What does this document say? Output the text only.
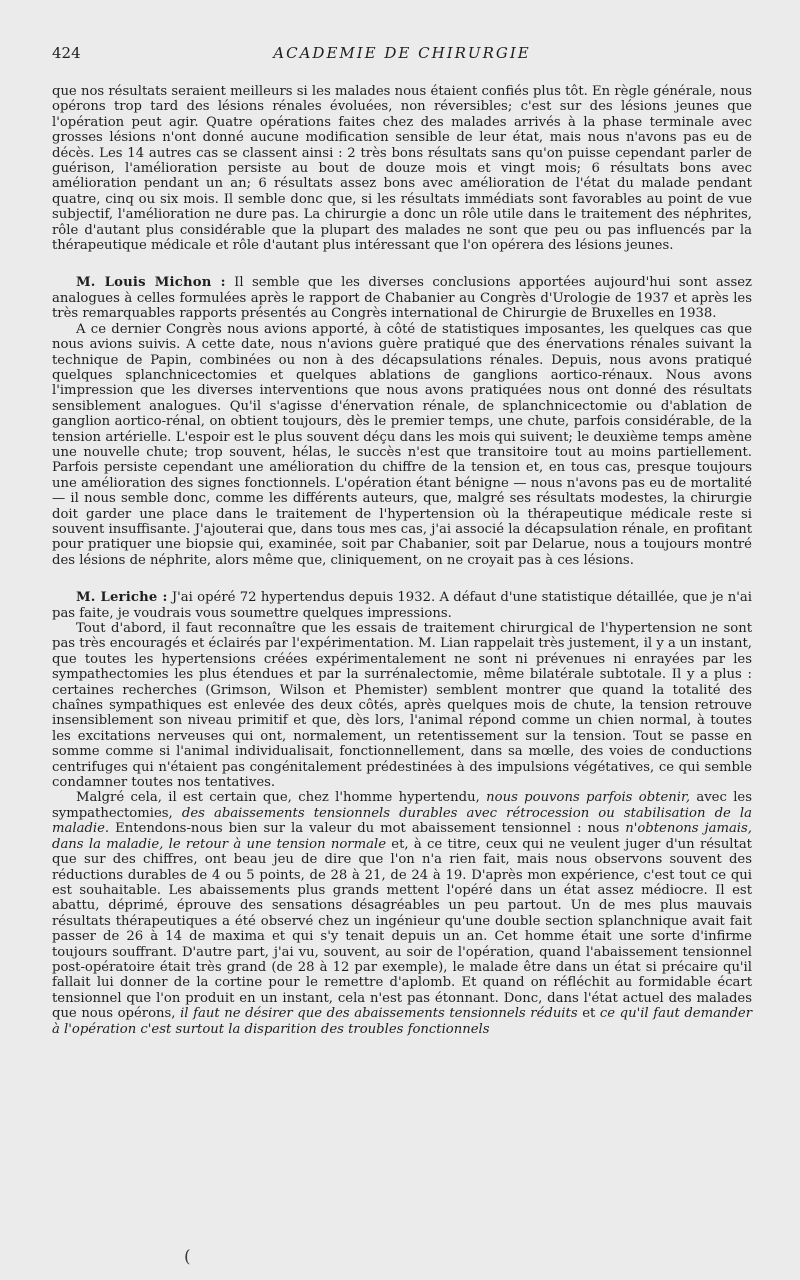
424	ACADEMIE DE CHIRURGIE

que nos résultats seraient meilleurs si les malades nous étaient confiés plus tôt. En règle générale, nous opérons trop tard des lésions rénales évoluées, non réversibles; c'est sur des lésions jeunes que l'opération peut agir. Quatre opérations faites chez des malades arrivés à la phase terminale avec grosses lésions n'ont donné aucune modification sensible de leur état, mais nous n'avons pas eu de décès. Les 14 autres cas se classent ainsi : 2 très bons résultats sans qu'on puisse cependant parler de guérison, l'amélioration persiste au bout de douze mois et vingt mois; 6 résultats bons avec amélioration pendant un an; 6 résultats assez bons avec amélioration de l'état du malade pendant quatre, cinq ou six mois. Il semble donc que, si les résultats immédiats sont favorables au point de vue subjectif, l'amélioration ne dure pas. La chirurgie a donc un rôle utile dans le traitement des néphrites, rôle d'autant plus considérable que la plupart des malades ne sont que peu ou pas influencés par la thérapeutique médicale et rôle d'autant plus intéressant que l'on opérera des lésions jeunes.

M. Louis Michon : Il semble que les diverses conclusions apportées aujourd'hui sont assez analogues à celles formulées après le rapport de Chabanier au Congrès d'Urologie de 1937 et après les très remarquables rapports présentés au Congrès international de Chirurgie de Bruxelles en 1938.

A ce dernier Congrès nous avions apporté, à côté de statistiques imposantes, les quelques cas que nous avions suivis. A cette date, nous n'avions guère pratiqué que des énervations rénales suivant la technique de Papin, combinées ou non à des décapsulations rénales. Depuis, nous avons pratiqué quelques splanchnicectomies et quelques ablations de ganglions aortico-rénaux. Nous avons l'impression que les diverses interventions que nous avons pratiquées nous ont donné des résultats sensiblement analogues. Qu'il s'agisse d'énervation rénale, de splanchnicectomie ou d'ablation de ganglion aortico-rénal, on obtient toujours, dès le premier temps, une chute, parfois considérable, de la tension artérielle. L'espoir est le plus souvent déçu dans les mois qui suivent; le deuxième temps amène une nouvelle chute; trop souvent, hélas, le succès n'est que transitoire tout au moins partiellement. Parfois persiste cependant une amélioration du chiffre de la tension et, en tous cas, presque toujours une amélioration des signes fonctionnels. L'opération étant bénigne — nous n'avons pas eu de mortalité — il nous semble donc, comme les différents auteurs, que, malgré ses résultats modestes, la chirurgie doit garder une place dans le traitement de l'hypertension où la thérapeutique médicale reste si souvent insuffisante. J'ajouterai que, dans tous mes cas, j'ai associé la décapsulation rénale, en profitant pour pratiquer une biopsie qui, examinée, soit par Chabanier, soit par Delarue, nous a toujours montré des lésions de néphrite, alors même que, cliniquement, on ne croyait pas à ces lésions.

M. Leriche : J'ai opéré 72 hypertendus depuis 1932. A défaut d'une statistique détaillée, que je n'ai pas faite, je voudrais vous soumettre quelques impressions.

Tout d'abord, il faut reconnaître que les essais de traitement chirurgical de l'hypertension ne sont pas très encouragés et éclairés par l'expérimentation. M. Lian rappelait très justement, il y a un instant, que toutes les hypertensions créées expérimentalement ne sont ni prévenues ni enrayées par les sympathectomies les plus étendues et par la surrénalectomie, même bilatérale subtotale. Il y a plus : certaines recherches (Grimson, Wilson et Phemister) semblent montrer que quand la totalité des chaînes sympathiques est enlevée des deux côtés, après quelques mois de chute, la tension retrouve insensiblement son niveau primitif et que, dès lors, l'animal répond comme un chien normal, à toutes les excitations nerveuses qui ont, normalement, un retentissement sur la tension. Tout se passe en somme comme si l'animal individualisait, fonctionnellement, dans sa mœlle, des voies de conductions centrifuges qui n'étaient pas congénitalement prédestinées à des impulsions végétatives, ce qui semble condamner toutes nos tentatives.

Malgré cela, il est certain que, chez l'homme hypertendu, nous pouvons parfois obtenir, avec les sympathectomies, des abaissements tensionnels durables avec rétrocession ou stabilisation de la maladie. Entendons-nous bien sur la valeur du mot abaissement tensionnel : nous n'obtenons jamais, dans la maladie, le retour à une tension normale et, à ce titre, ceux qui ne veulent juger d'un résultat que sur des chiffres, ont beau jeu de dire que l'on n'a rien fait, mais nous observons souvent des réductions durables de 4 ou 5 points, de 28 à 21, de 24 à 19. D'après mon expérience, c'est tout ce qui est souhaitable. Les abaissements plus grands mettent l'opéré dans un état assez médiocre. Il est abattu, déprimé, éprouve des sensations désagréables un peu partout. Un de mes plus mauvais résultats thérapeutiques a été observé chez un ingénieur qu'une double section splanchnique avait fait passer de 26 à 14 de maxima et qui s'y tenait depuis un an. Cet homme était une sorte d'infirme toujours souffrant. D'autre part, j'ai vu, souvent, au soir de l'opération, quand l'abaissement tensionnel post-opératoire était très grand (de 28 à 12 par exemple), le malade être dans un état si précaire qu'il fallait lui donner de la cortine pour le remettre d'aplomb. Et quand on réfléchit au formidable écart tensionnel que l'on produit en un instant, cela n'est pas étonnant. Donc, dans l'état actuel des malades que nous opérons, il faut ne désirer que des abaissements tensionnels réduits et ce qu'il faut demander à l'opération c'est surtout la disparition des troubles fonctionnels

(
